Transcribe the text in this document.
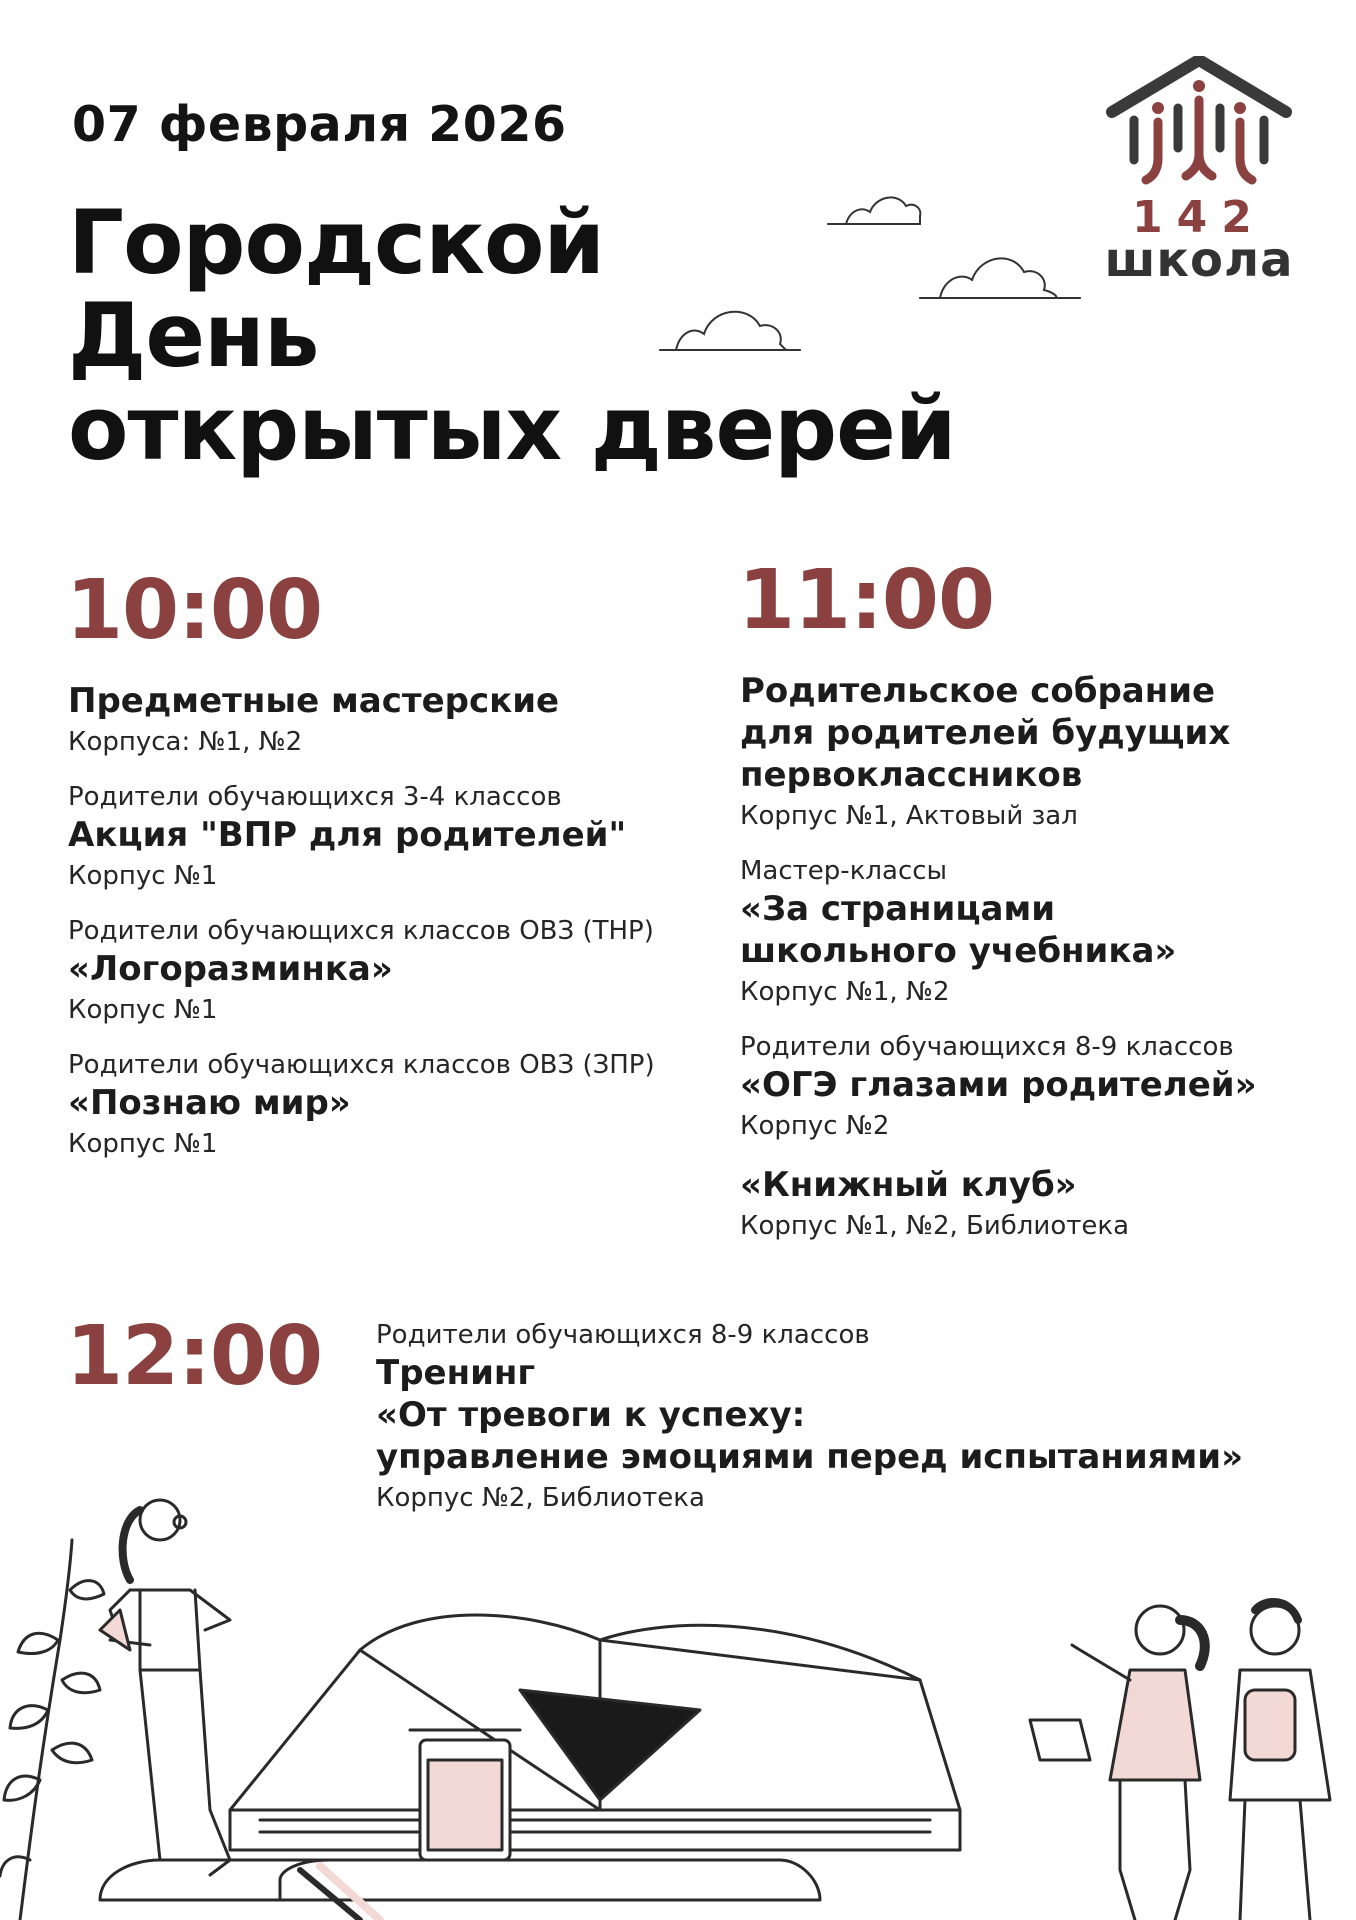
07 февраля 2026
Городской
День
открытых дверей
142
школа
10:00
Предметные мастерские
Корпуса: №1, №2
Родители обучающихся 3-4 классов
Акция "ВПР для родителей"
Корпус №1
Родители обучающихся классов ОВЗ (ТНР)
«Логоразминка»
Корпус №1
Родители обучающихся классов ОВЗ (ЗПР)
«Познаю мир»
Корпус №1
11:00
Родительское собрание для родителей будущих первоклассников
Корпус №1, Актовый зал
Мастер-классы
«За страницами школьного учебника»
Корпус №1, №2
Родители обучающихся 8-9 классов
«ОГЭ глазами родителей»
Корпус №2
«Книжный клуб»
Корпус №1, №2, Библиотека
12:00 Родители обучающихся 8-9 классов
Тренинг
«От тревоги к успеху:
управление эмоциями перед испытаниями»
Корпус №2, Библиотека
